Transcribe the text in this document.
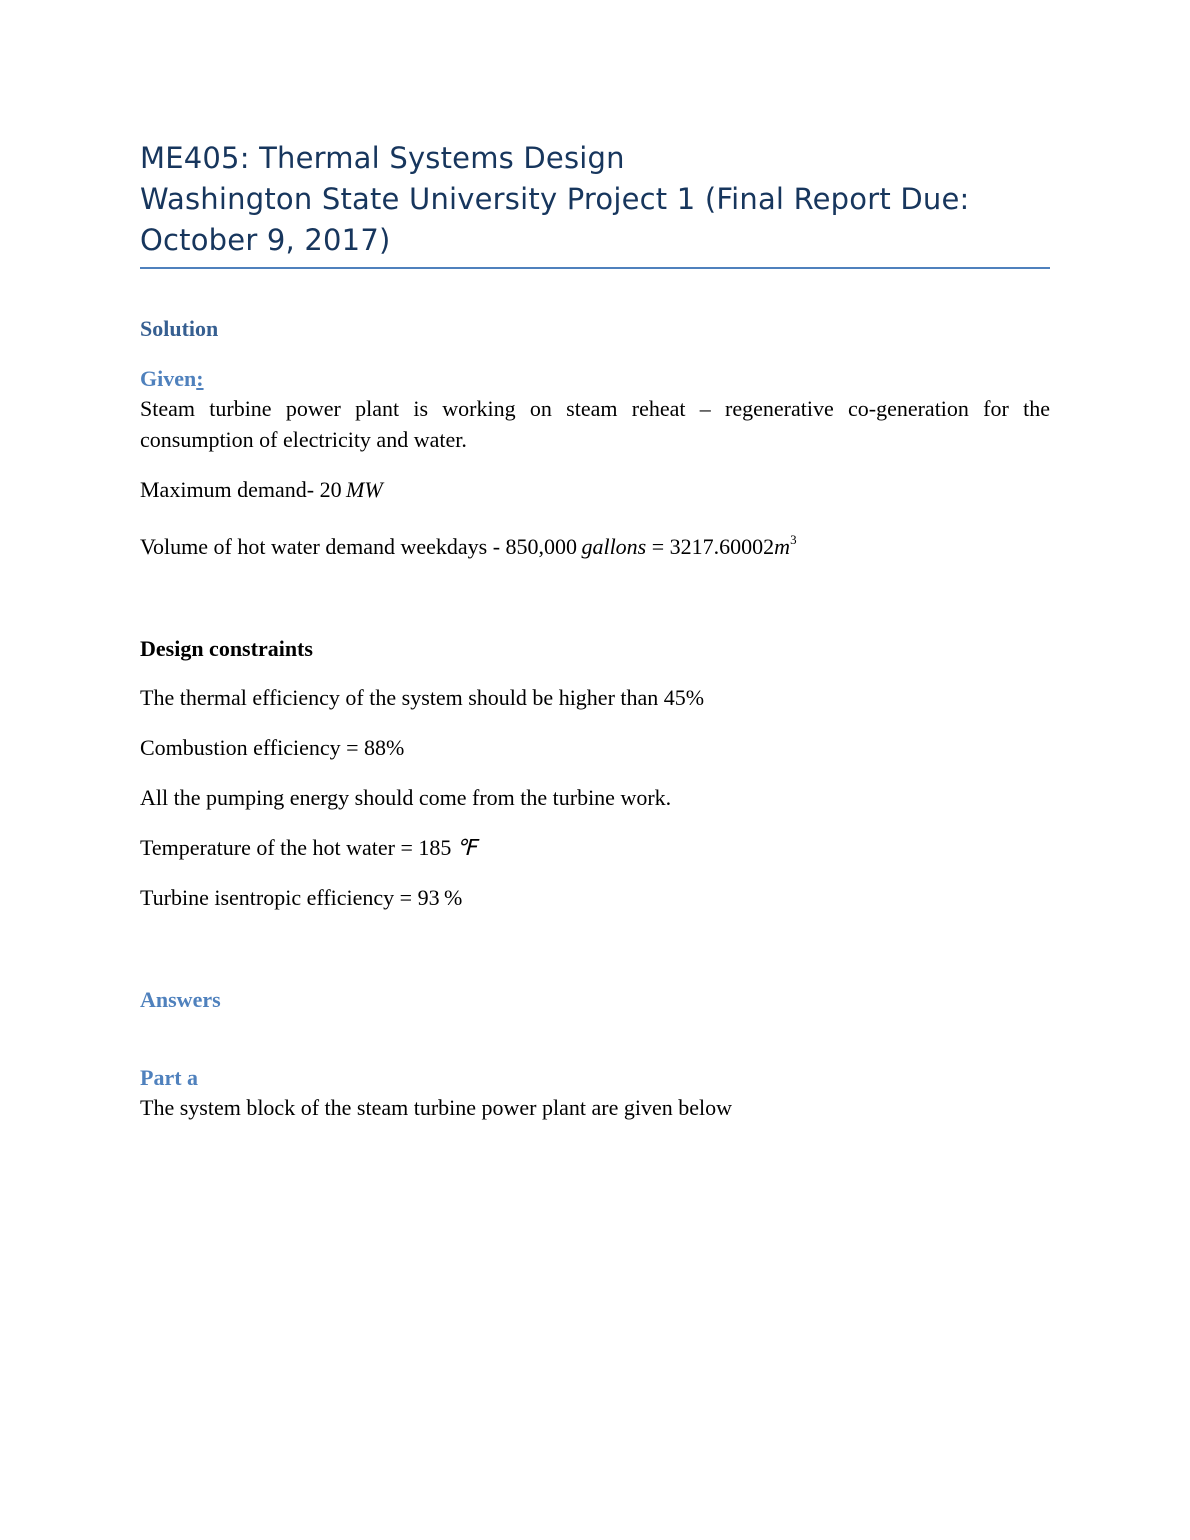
ME405: Thermal Systems Design
Washington State University Project 1 (Final Report Due:
October 9, 2017)
Solution
Given:

Steam turbine power plant is working on steam reheat – regenerative co-generation for the consumption of electricity and water.

Maximum demand- 20  MW

Volume of hot water demand weekdays - 850,000  gallons = $3217.60002m^3$

Design constraints

The thermal efficiency of the system should be higher than 45%

Combustion efficiency = 88%

All the pumping energy should come from the turbine work.

Temperature of the hot water = 185  ℉

Turbine isentropic efficiency = 93  %

Answers
Part a

The system block of the steam turbine power plant are given below
